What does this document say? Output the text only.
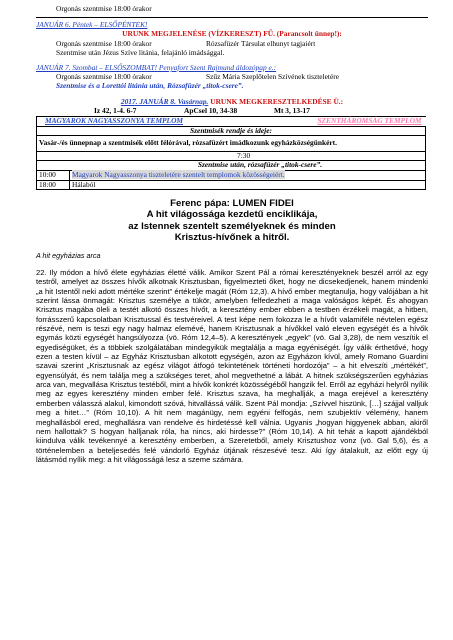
Orgonás szentmise 18:00 órakor
JANUÁR 6. Péntek – ELSŐPÉNTEK!
URUNK MEGJELENÉSE (VÍZKERESZT) FŰ. (Parancsolt ünnep!):
Orgonás szentmise 18:00 órakor	Rózsafüzér Társulat elhunyt tagjaiért
Szentmise után Jézus Szíve litánia, felajánló imádsággal.
JANUÁR 7. Szombat – ELSŐSZOMBAT! Penyafort Szent Rajmund áldozópap e.:
Orgonás szentmise 18:00 órakor	Szűz Mária Szeplőtelen Szívének tiszteletére
Szentmise és a Lorettói litánia után, Rózsafüzér „titok-csere”.
2017. JANUÁR 8. Vasárnap. URUNK MEGKERESZTELKEDÉSE Ü.:
Iz 42, 1-4. 6-7	ApCsel 10, 34-38	Mt 3, 13-17
MAGYAROK NAGYASSZONYA TEMPLOM SZENTHÁROMSÁG TEMPLOM	

Szentmisék rendje és ideje:	
Vasár-/és ünnepnap a szentmisék előtt félórával, rózsafüzért imádkozunk egyházközségünkért.	
7:30	
Szentmise után, rózsafüzér „titok-csere”.	
10:00	Magyarok Nagyasszonya tiszteletére szentelt templomok közösségeiért.
18:00	Hálaból
Ferenc pápa: LUMEN FIDEI
A hit világossága kezdetű enciklikája,
az Istennek szentelt személyeknek és minden
Krisztus-hívőnek a hitről.
A hit egyházias arca
22. Ily módon a hívő élete egyházias életté válik. Amikor Szent Pál a római keresztényeknek beszél arról az egy testről, amelyet az összes hívők alkotnak Krisztusban, figyelmezteti őket, hogy ne dicsekedjenek, hanem mindenki „a hit Istentől neki adott mértéke szerint” értékelje magát (Róm 12,3). A hívő ember megtanulja, hogy valójában a hit szerint lássa önmagát: Krisztus személye a tükör, amelyben felfedezheti a maga valóságos képét. És ahogyan Krisztus magába öleli a testét alkotó összes hívőt, a keresztény ember ebben a testben érzékeli magát, a hitben, forrásszerű kapcsolatban Krisztussal és testvéreivel. A test képe nem fokozza le a hívőt valamiféle névtelen egész részévé, nem is teszi egy nagy halmaz elemévé, hanem Krisztusnak a hívőkkel való eleven egységét és a hívők egymás közti egységét hangsúlyozza (vö. Róm 12,4–5). A keresztények „egyek” (vö. Gal 3,28), de nem veszítik el egyediségüket, és a többiek szolgálatában mindegyikük megtalálja a maga egyéniségét. Így válik érthetővé, hogy ezen a testen kívül – az Egyház Krisztusban alkotott egységén, azon az Egyházon kívül, amely Romano Guardini szavai szerint „Krisztusnak az egész világot átfogó tekintetének történeti hordozója” – a hit elveszíti „mértékét”, egyensúlyát, és nem találja meg a szükséges teret, ahol megvethetné a lábát. A hitnek szükségszerűen egyházias arca van, megvallása Krisztus testéből, mint a hívők konkrét közösségéből hangzik fel. Erről az egyházi helyről nyílik meg az egyes keresztény minden ember felé. Krisztus szava, ha meghallják, a maga erejével a keresztény emberben válasszá alakul, kimondott szóvá, hitvallássá válik. Szent Pál mondja: „Szívvel hiszünk, […] szájjal valljuk meg a hitet…” (Róm 10,10). A hit nem magánügy, nem egyéni felfogás, nem szubjektív vélemény, hanem meghallásból ered, meghallásra van rendelve és hirdetéssé kell válnia. Ugyanis „hogyan higgyenek abban, akiről nem hallottak? S hogyan halljanak róla, ha nincs, aki hirdesse?” (Róm 10,14). A hit tehát a kapott ajándékból kiindulva válik tevékennyé a keresztény emberben, a Szeretetből, amely Krisztushoz vonz (vö. Gal 5,6), és a történelemben a beteljesedés felé vándorló Egyház útjának részesévé tesz. Aki így átalakult, az előtt egy új látásmód nyílik meg: a hit világosságá lesz a szeme számára.
